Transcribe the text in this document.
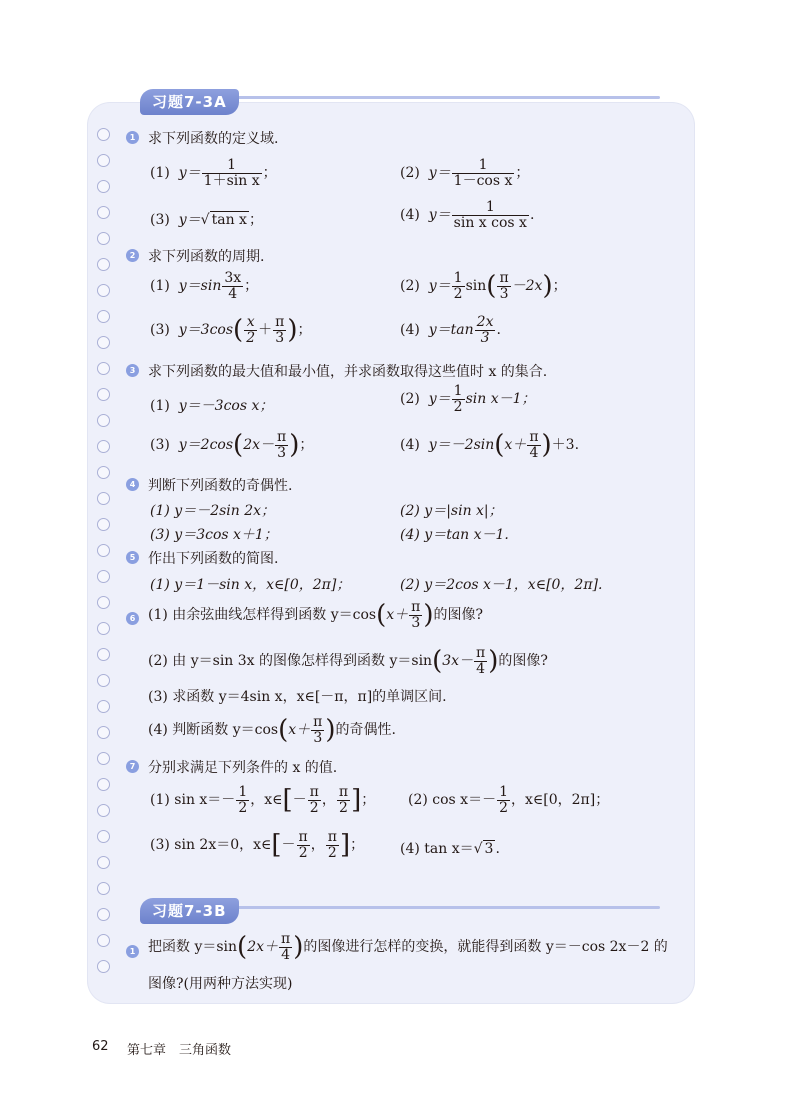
习题7-3A
1 求下列函数的定义域.
(1) $y= \frac{1}{\text{1＋sin x}}$ ；	(2) $y= \frac{1}{\text{1－cos x}}$ ；
(3) y＝√ tan x ；	(4) $y= \frac{1}{\text{sin x cos x}}$ .
2 求下列函数的周期.
(1) $y=\sin \frac{3x}{4}$ ；	(2) $y= \frac{1}{2} \sin( \frac{\pi}{3} -2x)$；
(3) $y=3\cos( \frac{x}{2} + \frac{\pi}{3}$ )；	(4) $y=\tan \frac{2x}{3}$ .
3 求下列函数的最大值和最小值，并求函数取得这些值时 x 的集合.
(1) y＝－3cos x；	(2) $y= \frac{1}{2}$ sin x－1；
(3) $y=2\cos(2x- \frac{\pi}{3}$ )；	(4) $y=-2\sin(x+ \frac{\pi}{4} )+3$.
4 判断下列函数的奇偶性.
(1) y＝－2sin 2x；	(2) y＝|sin x|；
(3) y＝3cos x＋1；	(4) y＝tan x－1.
5 作出下列函数的简图.
(1) y＝1－sin x，x∈[0，2π]；	(2) y＝2cos x－1，x∈[0，2π].
6 (1) 由余弦曲线怎样得到函数 $y=\cos(x+ \frac{\pi}{3}$ )的图像?
(2) 由 y＝sin 3x 的图像怎样得到函数 $y=\sin(3x- \frac{\pi}{4}$ )的图像?
(3) 求函数 y＝4sin x，x∈[－π，π]的单调区间.
(4) 判断函数 $y=\cos(x+ \frac{\pi}{3}$ )的奇偶性.
7 分别求满足下列条件的 x 的值.
(1) $\sin x=- \frac{1}{2}$ ，x∈[－ $\frac{\pi}{2}$ ， $\frac{\pi}{2}$ ]； (2) $\cos x=- \frac{1}{2}$ ，x∈[0，2π]；
(3) sin 2x＝0，x∈[－ $\frac{\pi}{2}$ ， $\frac{\pi}{2}$ ]；	(4) tan x＝√ 3 .
习题7-3B
1 把函数 $y=\sin(2x+ \frac{\pi}{4}$ )的图像进行怎样的变换，就能得到函数 y＝－cos 2x－2 的
图像?(用两种方法实现)
62 第七章　三角函数
